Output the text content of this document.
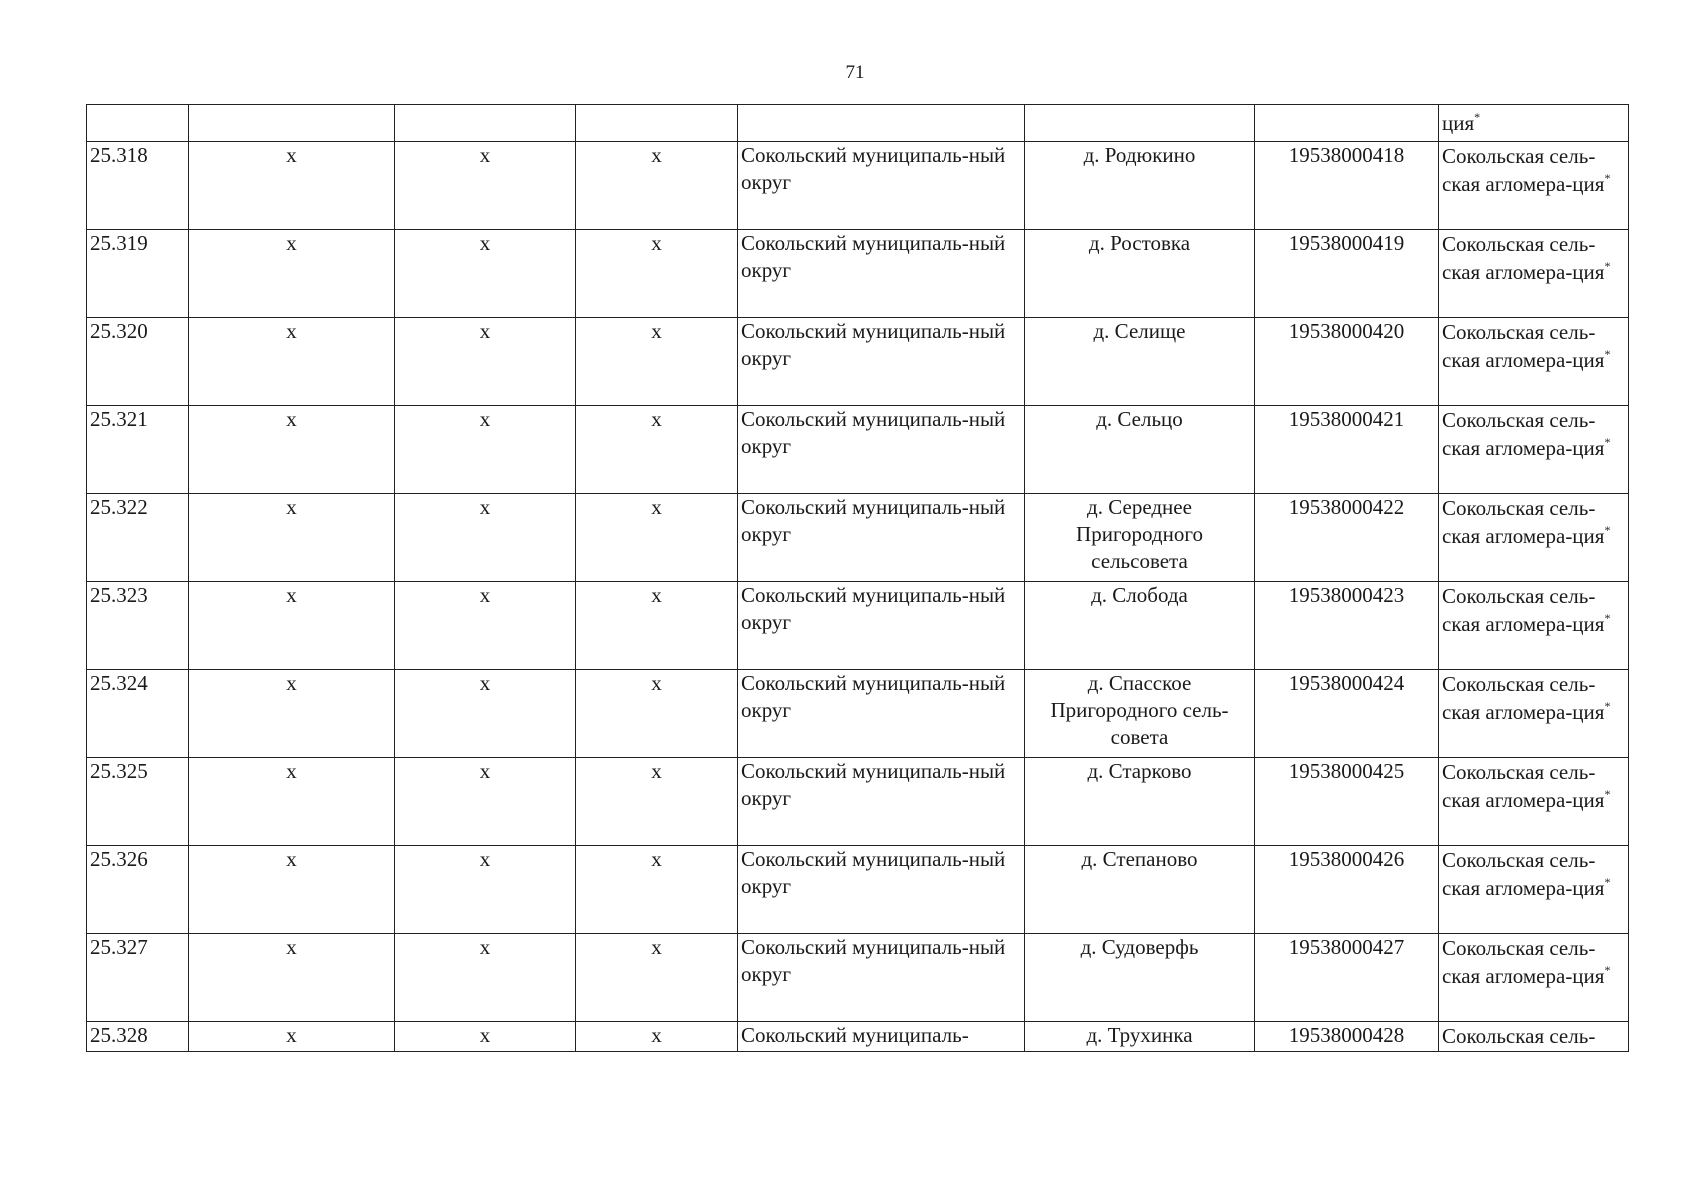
71
							ция*
25.318	х	х	х	Сокольский муниципаль-ный округ	д. Родюкино	19538000418	Сокольская сель-ская агломера-ция*
25.319	х	х	х	Сокольский муниципаль-ный округ	д. Ростовка	19538000419	Сокольская сель-ская агломера-ция*
25.320	х	х	х	Сокольский муниципаль-ный округ	д. Селище	19538000420	Сокольская сель-ская агломера-ция*
25.321	х	х	х	Сокольский муниципаль-ный округ	д. Сельцо	19538000421	Сокольская сель-ская агломера-ция*
25.322	х	х	х	Сокольский муниципаль-ный округ	д. Середнее Пригородного сельсовета	19538000422	Сокольская сель-ская агломера-ция*
25.323	х	х	х	Сокольский муниципаль-ный округ	д. Слобода	19538000423	Сокольская сель-ская агломера-ция*
25.324	х	х	х	Сокольский муниципаль-ный округ	д. Спасское Пригородного сель-совета	19538000424	Сокольская сель-ская агломера-ция*
25.325	х	х	х	Сокольский муниципаль-ный округ	д. Старково	19538000425	Сокольская сель-ская агломера-ция*
25.326	х	х	х	Сокольский муниципаль-ный округ	д. Степаново	19538000426	Сокольская сель-ская агломера-ция*
25.327	х	х	х	Сокольский муниципаль-ный округ	д. Судоверфь	19538000427	Сокольская сель-ская агломера-ция*
25.328	х	х	х	Сокольский муниципаль-	д. Трухинка	19538000428	Сокольская сель-
